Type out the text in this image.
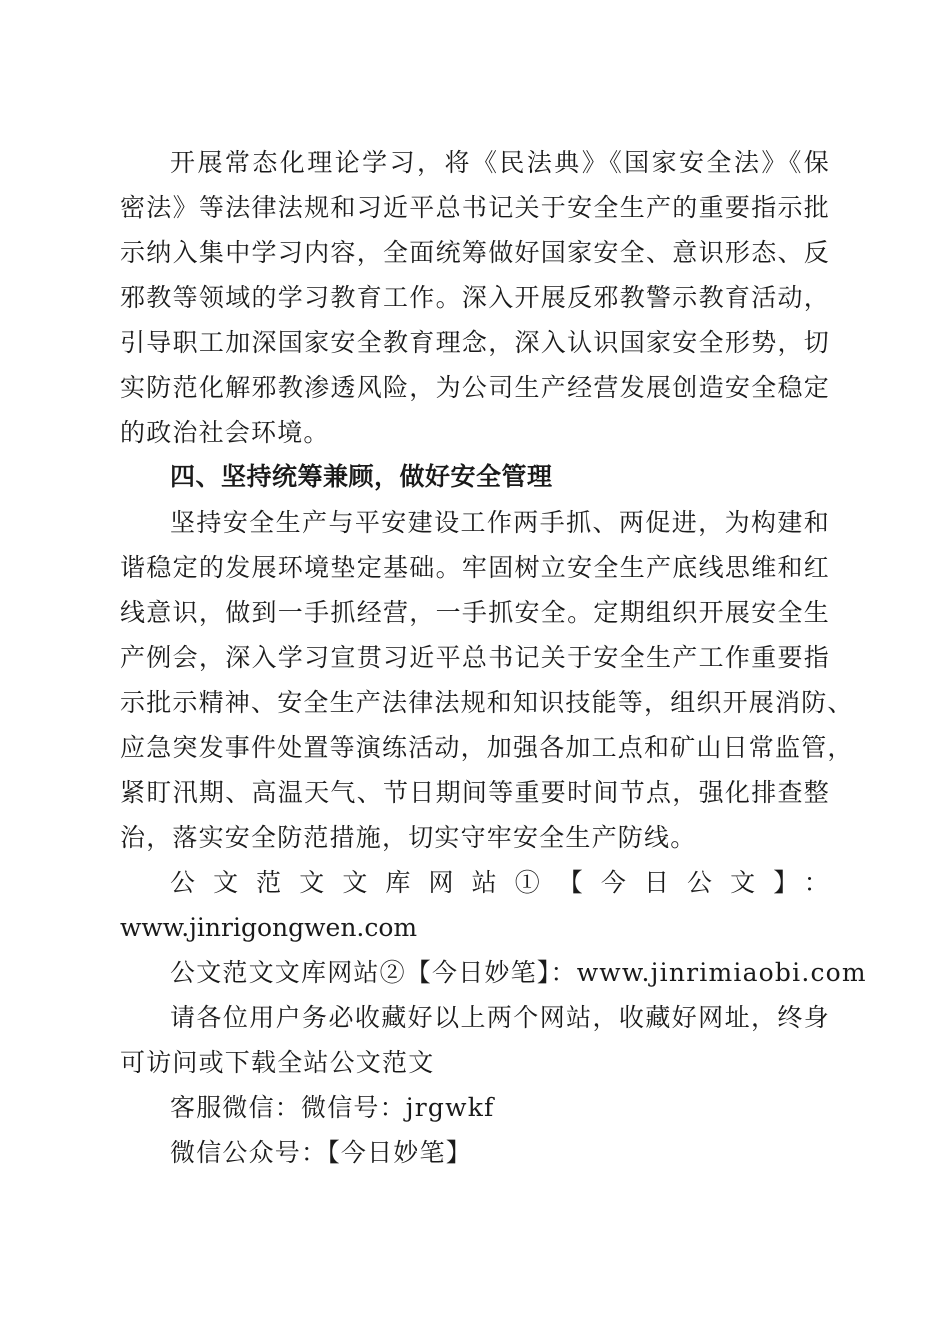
开展常态化理论学习，将《民法典》《国家安全法》《保
密法》等法律法规和习近平总书记关于安全生产的重要指示批
示纳入集中学习内容，全面统筹做好国家安全、意识形态、反
邪教等领域的学习教育工作。深入开展反邪教警示教育活动，
引导职工加深国家安全教育理念，深入认识国家安全形势，切
实防范化解邪教渗透风险，为公司生产经营发展创造安全稳定
的政治社会环境。
四、坚持统筹兼顾，做好安全管理
坚持安全生产与平安建设工作两手抓、两促进，为构建和
谐稳定的发展环境垫定基础。牢固树立安全生产底线思维和红
线意识，做到一手抓经营，一手抓安全。定期组织开展安全生
产例会，深入学习宣贯习近平总书记关于安全生产工作重要指
示批示精神、安全生产法律法规和知识技能等，组织开展消防、
应急突发事件处置等演练活动，加强各加工点和矿山日常监管，
紧盯汛期、高温天气、节日期间等重要时间节点，强化排查整
治，落实安全防范措施，切实守牢安全生产防线。
公文范文文库网站①【今日公文】：
www.jinrigongwen.com
公文范文文库网站②【今日妙笔】：www.jinrimiaobi.com
请各位用户务必收藏好以上两个网站，收藏好网址，终身
可访问或下载全站公文范文
客服微信：微信号：jrgwkf
微信公众号：【今日妙笔】
